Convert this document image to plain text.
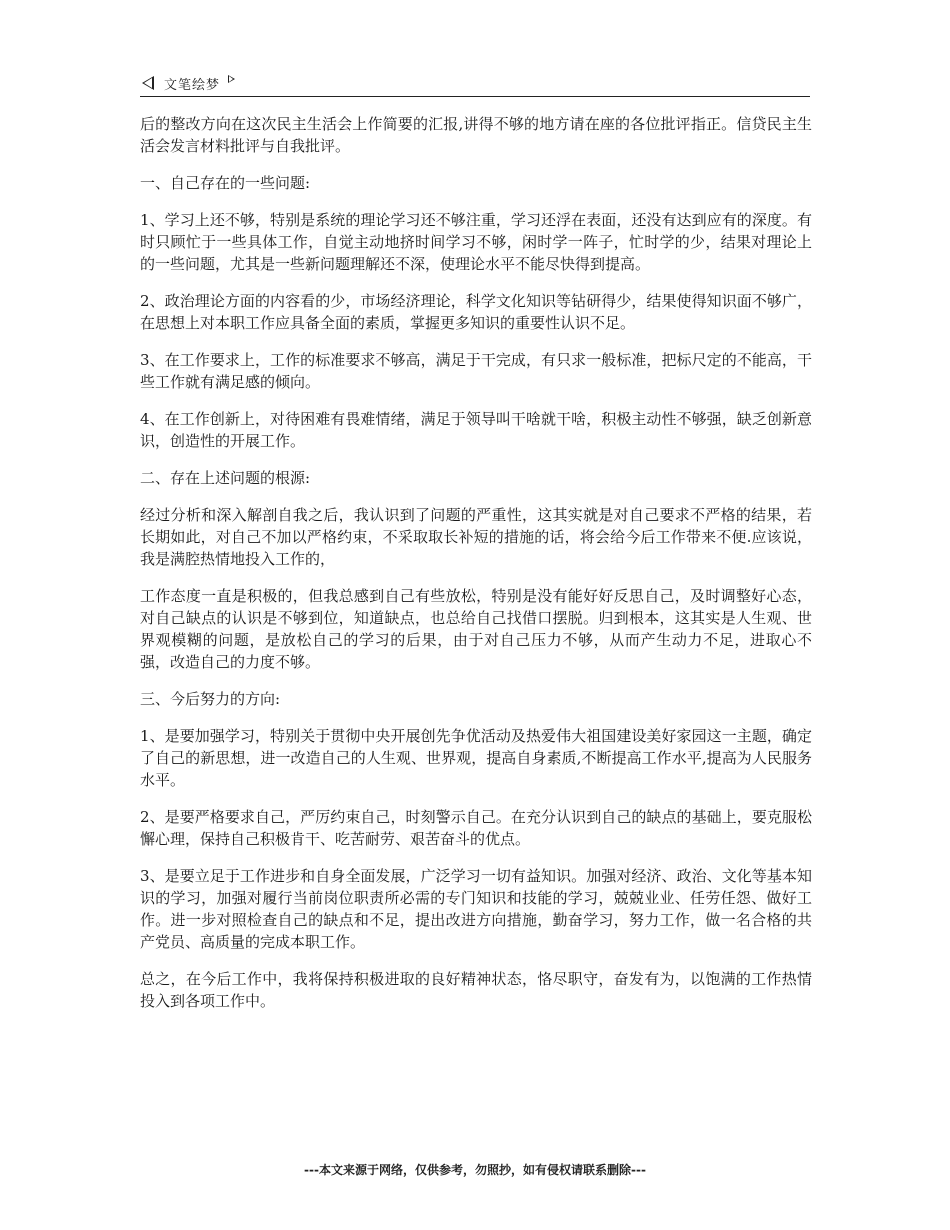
文笔绘梦

后的整改方向在这次民主生活会上作简要的汇报,讲得不够的地方请在座的各位批评指正。信贷民主生活会发言材料批评与自我批评。

一、自己存在的一些问题:

1、学习上还不够，特别是系统的理论学习还不够注重，学习还浮在表面，还没有达到应有的深度。有时只顾忙于一些具体工作，自觉主动地挤时间学习不够，闲时学一阵子，忙时学的少，结果对理论上的一些问题，尤其是一些新问题理解还不深，使理论水平不能尽快得到提高。

2、政治理论方面的内容看的少，市场经济理论，科学文化知识等钻研得少，结果使得知识面不够广，在思想上对本职工作应具备全面的素质，掌握更多知识的重要性认识不足。

3、在工作要求上，工作的标准要求不够高，满足于干完成，有只求一般标准，把标尺定的不能高，干些工作就有满足感的倾向。

4、在工作创新上，对待困难有畏难情绪，满足于领导叫干啥就干啥，积极主动性不够强，缺乏创新意识，创造性的开展工作。

二、存在上述问题的根源:

经过分析和深入解剖自我之后，我认识到了问题的严重性，这其实就是对自己要求不严格的结果，若长期如此，对自己不加以严格约束，不采取取长补短的措施的话，将会给今后工作带来不便.应该说，我是满腔热情地投入工作的，

工作态度一直是积极的，但我总感到自己有些放松，特别是没有能好好反思自己，及时调整好心态，对自己缺点的认识是不够到位，知道缺点，也总给自己找借口摆脱。归到根本，这其实是人生观、世界观模糊的问题，是放松自己的学习的后果，由于对自己压力不够，从而产生动力不足，进取心不强，改造自己的力度不够。

三、今后努力的方向:

1、是要加强学习，特别关于贯彻中央开展创先争优活动及热爱伟大祖国建设美好家园这一主题，确定了自己的新思想，进一改造自己的人生观、世界观，提高自身素质,不断提高工作水平,提高为人民服务水平。

2、是要严格要求自己，严厉约束自己，时刻警示自己。在充分认识到自己的缺点的基础上，要克服松懈心理，保持自己积极肯干、吃苦耐劳、艰苦奋斗的优点。

3、是要立足于工作进步和自身全面发展，广泛学习一切有益知识。加强对经济、政治、文化等基本知识的学习，加强对履行当前岗位职责所必需的专门知识和技能的学习，兢兢业业、任劳任怨、做好工作。进一步对照检查自己的缺点和不足，提出改进方向措施，勤奋学习，努力工作，做一名合格的共产党员、高质量的完成本职工作。

总之，在今后工作中，我将保持积极进取的良好精神状态，恪尽职守，奋发有为，以饱满的工作热情投入到各项工作中。

---本文来源于网络，仅供参考，勿照抄，如有侵权请联系删除---
